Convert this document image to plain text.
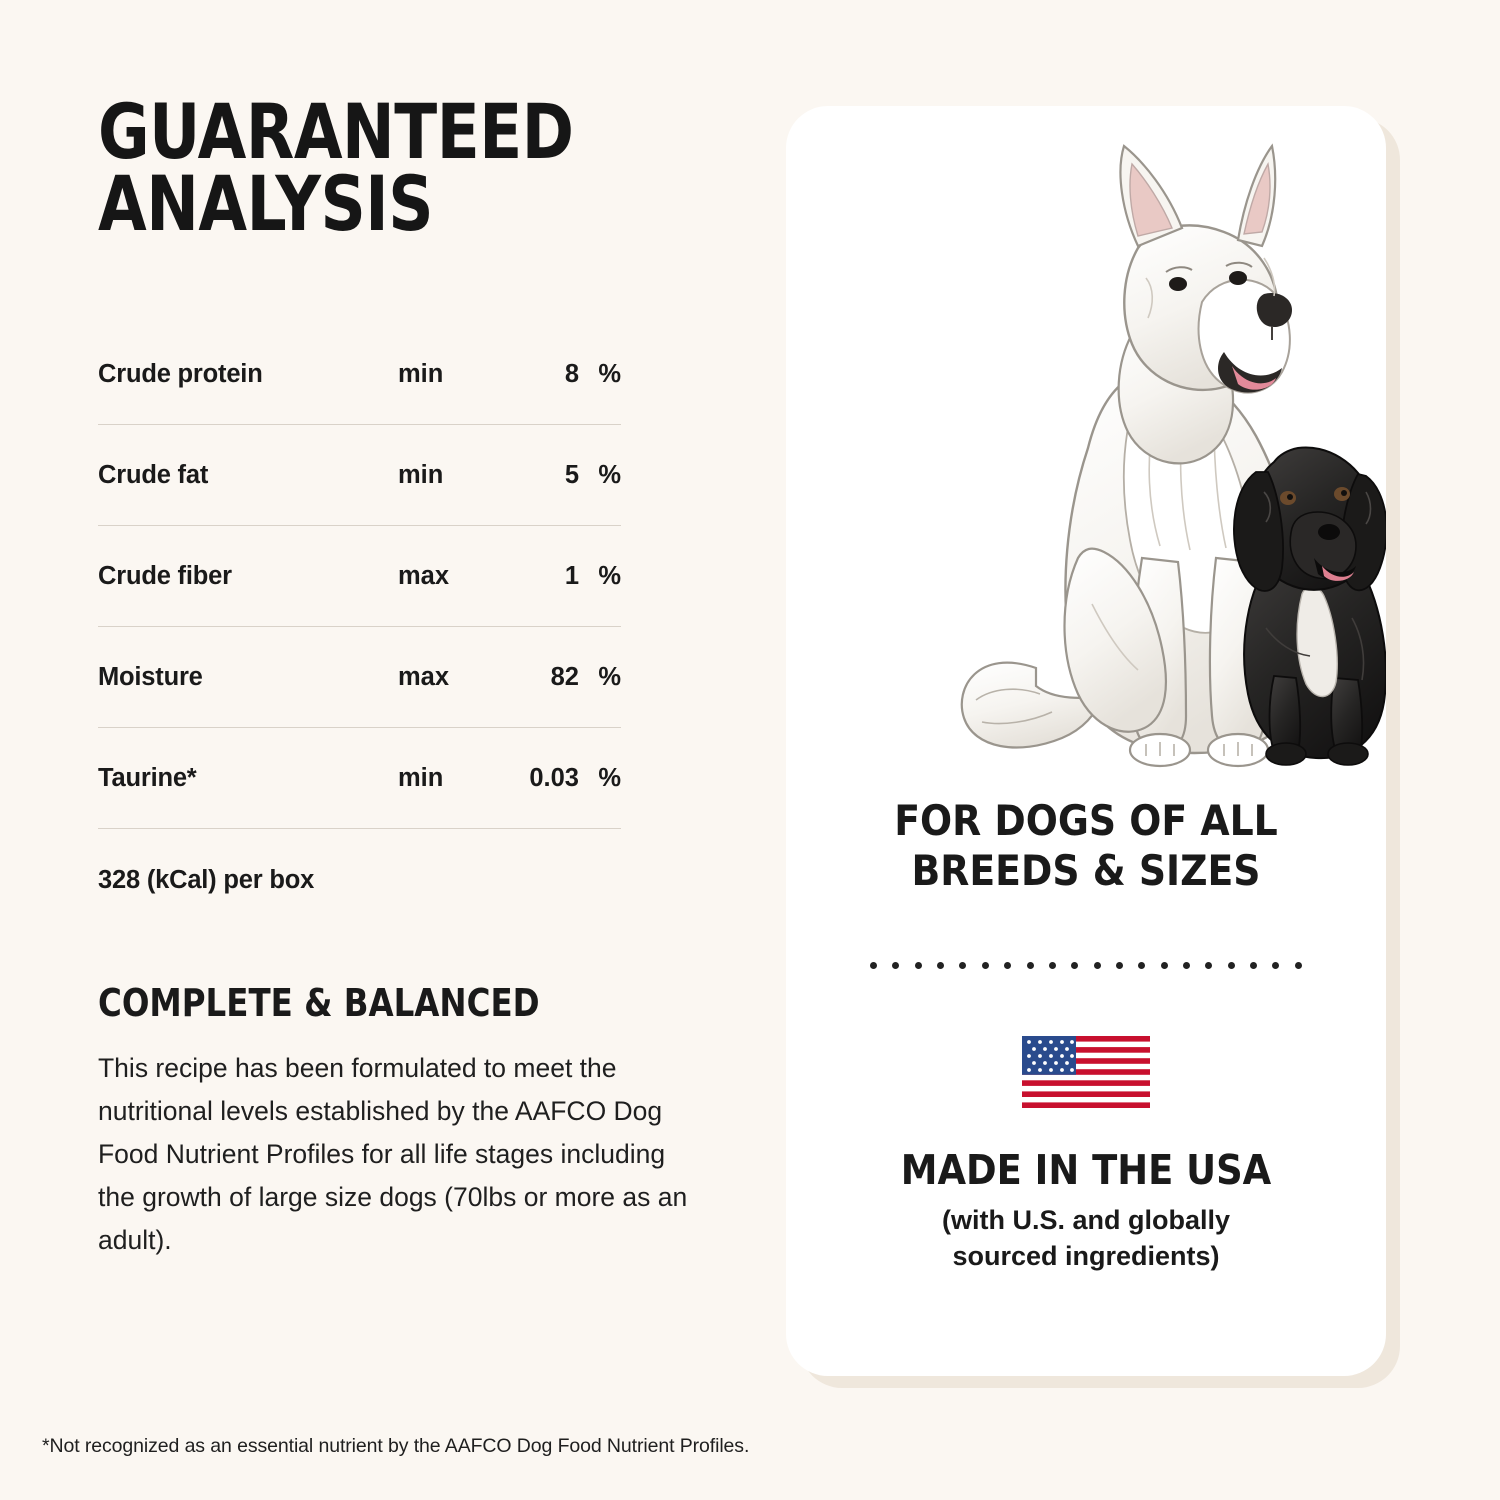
GUARANTEED ANALYSIS
Crude protein	min	8 %
Crude fat	min	5 %
Crude fiber	max	1 %
Moisture	max	82 %
Taurine*	min	0.03 %
328 (kCal) per box
COMPLETE & BALANCED

This recipe has been formulated to meet the nutritional levels established by the AAFCO Dog Food Nutrient Profiles for all life stages including the growth of large size dogs (70lbs or more as an adult).

*Not recognized as an essential nutrient by the AAFCO Dog Food Nutrient Profiles.
FOR DOGS OF ALL
BREEDS & SIZES
MADE IN THE USA
(with U.S. and globally
sourced ingredients)
